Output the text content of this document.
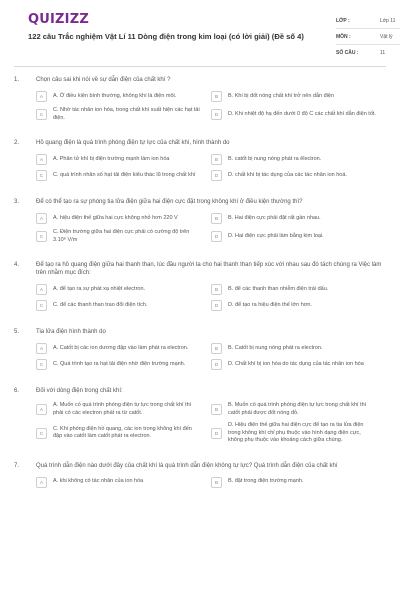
QUIZIZZ
122 câu Trắc nghiệm Vật Lí 11 Dòng điện trong kim loại (có lời giải) (Đề số 4)
LỚP :	Lớp 11
MÔN :	Vật lý
SỐ CÂU :	11
1.	Chọn câu sai khi nói về sự dẫn điện của chất khí ?
A	A. Ở điều kiện bình thường, không khí là điện môi.	B	B. Khi bị đốt nóng chất khí trở nên dẫn điện
C
C. Nhờ tác nhân ion hóa, trong chất khí xuất hiện các hạt tải điện.	D	D. Khi nhiệt độ hạ đến dưới 0 độ C các chất khí dẫn điện tốt.
2.	Hồ quang điện là quá trình phóng điện tự lực của chất khí, hình thành do
A	A. Phân tử khí bị điện trường mạnh làm ion hóa	B	B. catốt bị nung nóng phát ra êlectron.
C	C. quá trình nhân số hạt tải điện kiểu thác lũ trong chất khí	D	D. chất khí bị tác dụng của các tác nhân ion hoá.
3.	Để có thể tạo ra sự phóng tia lửa điện giữa hai điện cực đặt trong không khí ở điều kiện thường thì?
A	A. hiệu điện thế giữa hai cực không nhỏ hơn 220 V	B	B. Hai điện cực phải đặt rất gần nhau.
C
C. Điện trường giữa hai điện cực phải có cường độ trên 3.10⁶ V/m	D	D. Hai điện cực phải làm bằng kim loại.
4.	Để tạo ra hồ quang điện giữa hai thanh than, lúc đầu người ta cho hai thanh than tiếp xúc với nhau sau đó tách chúng ra Việc làm trên nhằm mục đích:
A	A. để tạo ra sự phát xạ nhiệt electron.	B	B. để các thanh than nhiễm điện trái dấu.
C	C. để các thanh than trao đổi điện tích.	D	D. để tạo ra hiệu điện thế lớn hơn.
5.	Tia lửa điện hình thành do
A	A. Catốt bị các ion dương đập vào làm phát ra electron.	B	B. Catốt bị nung nóng phát ra electron.
C	C. Quá trình tạo ra hạt tải điện nhờ điện trường mạnh.	D	D. Chất khí bị ion hóa do tác dụng của tác nhân ion hóa
6.	Đối với dòng điện trong chất khí:
A
A. Muốn có quá trình phóng điện tự lực trong chất khí thì phải có các electron phát ra từ catốt.	B
B. Muốn có quá trình phóng điện tự lực trong chất khí thì catốt phải được đốt nóng đỏ.
C
C. Khi phóng điện hồ quang, các ion trong không khí đến đập vào catốt làm catốt phát ra electron.	D
D. Hiệu điện thế giữa hai điện cực để tạo ra tia lửa điện trong không khí chỉ phụ thuộc vào hình dạng điện cực, không phụ thuộc vào khoảng cách giữa chúng.
7.	Quá trình dẫn điện nào dưới đây của chất khí là quá trình dẫn điện không tự lực? Quá trình dẫn điện của chất khí
A	A. khi không có tác nhân của ion hóa	B	B. đặt trong điện trường mạnh.
